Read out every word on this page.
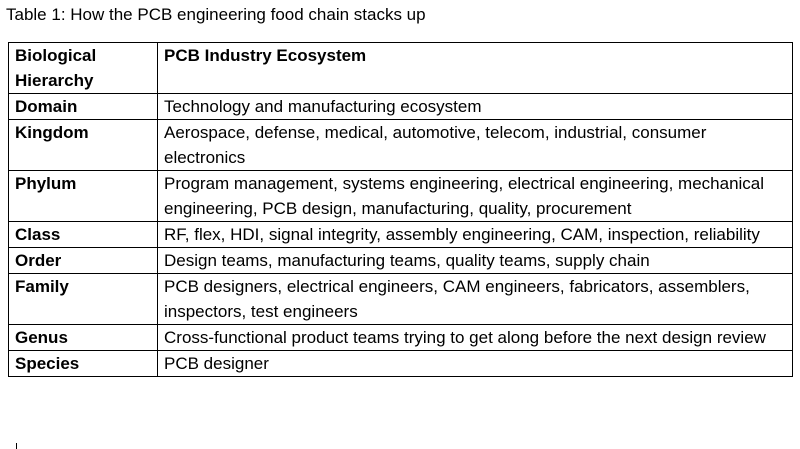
Table 1: How the PCB engineering food chain stacks up
Biological Hierarchy	PCB Industry Ecosystem
Domain	Technology and manufacturing ecosystem
Kingdom	Aerospace, defense, medical, automotive, telecom, industrial, consumer electronics
Phylum	Program management, systems engineering, electrical engineering, mechanical engineering, PCB design, manufacturing, quality, procurement
Class	RF, flex, HDI, signal integrity, assembly engineering, CAM, inspection, reliability
Order	Design teams, manufacturing teams, quality teams, supply chain
Family	PCB designers, electrical engineers, CAM engineers, fabricators, assemblers, inspectors, test engineers
Genus	Cross-functional product teams trying to get along before the next design review
Species	PCB designer
